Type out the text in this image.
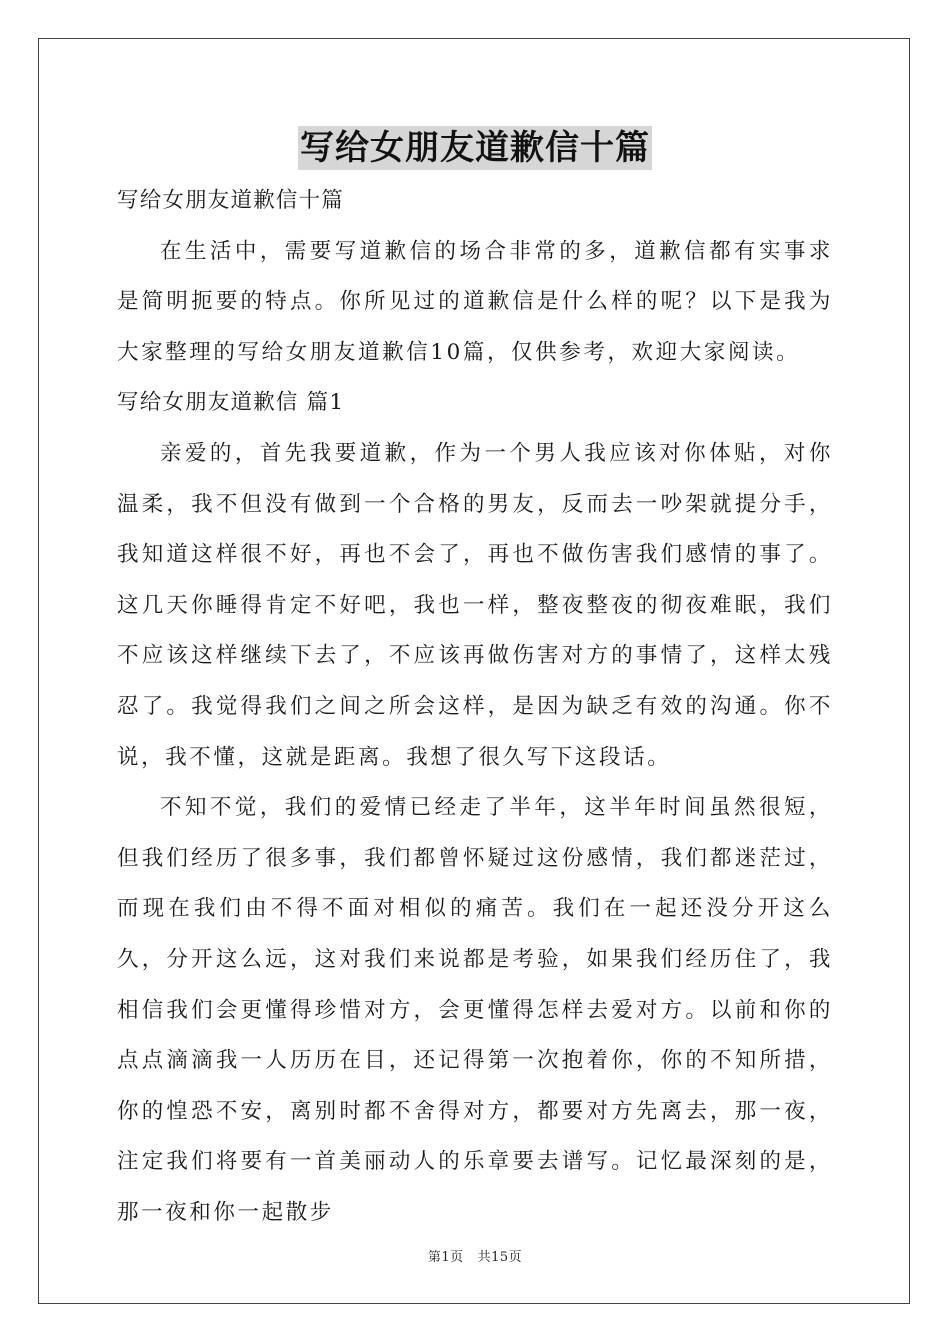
写给女朋友道歉信十篇

写给女朋友道歉信十篇

在生活中，需要写道歉信的场合非常的多，道歉信都有实事求是简明扼要的特点。你所见过的道歉信是什么样的呢？以下是我为大家整理的写给女朋友道歉信10篇，仅供参考，欢迎大家阅读。

写给女朋友道歉信 篇1

亲爱的，首先我要道歉，作为一个男人我应该对你体贴，对你温柔，我不但没有做到一个合格的男友，反而去一吵架就提分手，我知道这样很不好，再也不会了，再也不做伤害我们感情的事了。这几天你睡得肯定不好吧，我也一样，整夜整夜的彻夜难眠，我们不应该这样继续下去了，不应该再做伤害对方的事情了，这样太残忍了。我觉得我们之间之所会这样，是因为缺乏有效的沟通。你不说，我不懂，这就是距离。我想了很久写下这段话。

不知不觉，我们的爱情已经走了半年，这半年时间虽然很短，但我们经历了很多事，我们都曾怀疑过这份感情，我们都迷茫过，而现在我们由不得不面对相似的痛苦。我们在一起还没分开这么久，分开这么远，这对我们来说都是考验，如果我们经历住了，我相信我们会更懂得珍惜对方，会更懂得怎样去爱对方。以前和你的点点滴滴我一人历历在目，还记得第一次抱着你，你的不知所措，你的惶恐不安，离别时都不舍得对方，都要对方先离去，那一夜，注定我们将要有一首美丽动人的乐章要去谱写。记忆最深刻的是，那一夜和你一起散步

第1页 共15页
